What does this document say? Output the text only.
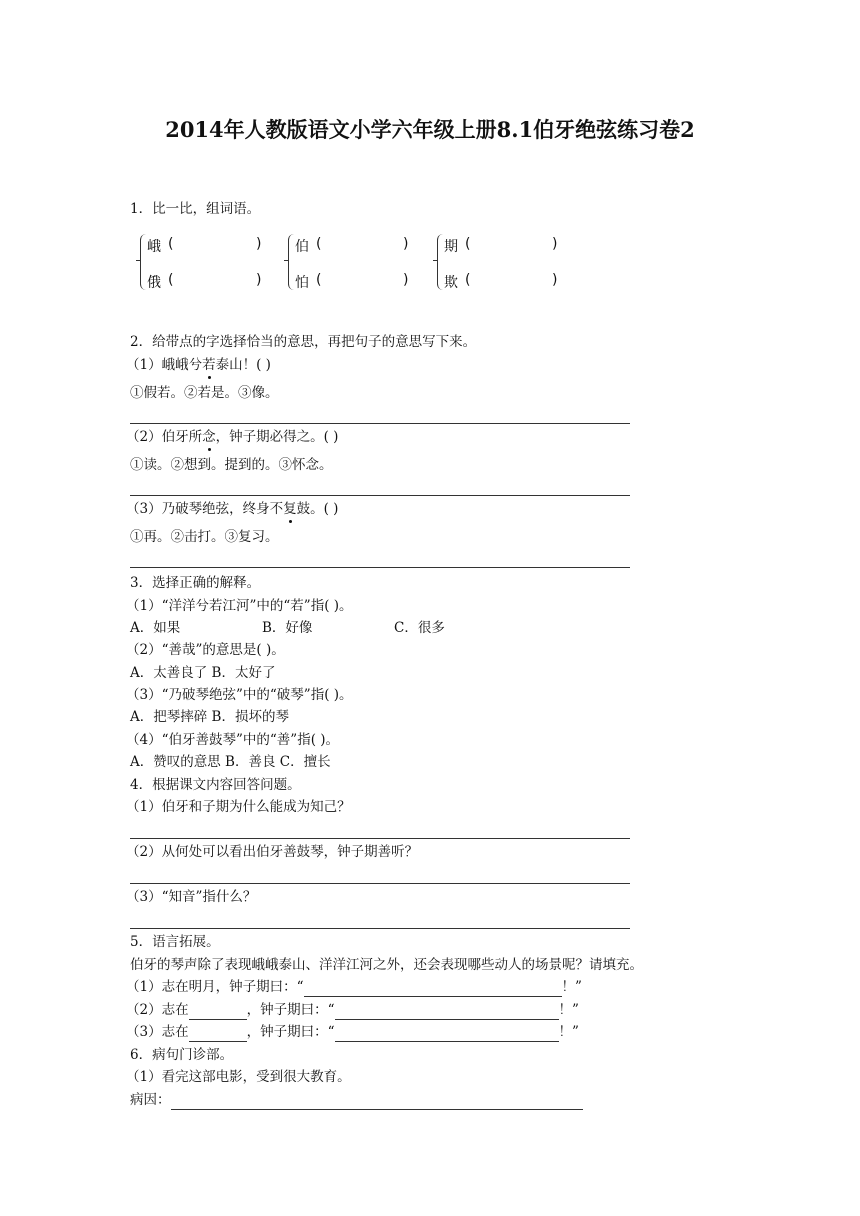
2014年人教版语文小学六年级上册8.1伯牙绝弦练习卷2
1．比一比，组词语。
峨 (	)
俄 (	)
伯 (	)
怕 (	)
期 (	)
欺 (	)
2．给带点的字选择恰当的意思，再把句子的意思写下来。
（1）峨峨兮若泰山！( )
①假若。②若是。③像。
（2）伯牙所念，钟子期必得之。( )
①读。②想到。提到的。③怀念。
（3）乃破琴绝弦，终身不复鼓。( )
①再。②击打。③复习。
3．选择正确的解释。
（1）“洋洋兮若江河”中的“若”指( )。
A．如果	B．好像	C．很多
（2）“善哉”的意思是( )。
A．太善良了 B．太好了
（3）“乃破琴绝弦”中的“破琴”指( )。
A．把琴摔碎 B．损坏的琴
（4）“伯牙善鼓琴”中的“善”指( )。
A．赞叹的意思 B．善良 C．擅长
4．根据课文内容回答问题。
（1）伯牙和子期为什么能成为知己？
（2）从何处可以看出伯牙善鼓琴，钟子期善听？
（3）“知音”指什么？
5．语言拓展。
伯牙的琴声除了表现峨峨泰山、洋洋江河之外，还会表现哪些动人的场景呢？请填充。
（1）志在明月，钟子期曰：“	！”
（2）志在	，钟子期曰：“	！”
（3）志在	，钟子期曰：“	！”
6．病句门诊部。
（1）看完这部电影，受到很大教育。
病因：
